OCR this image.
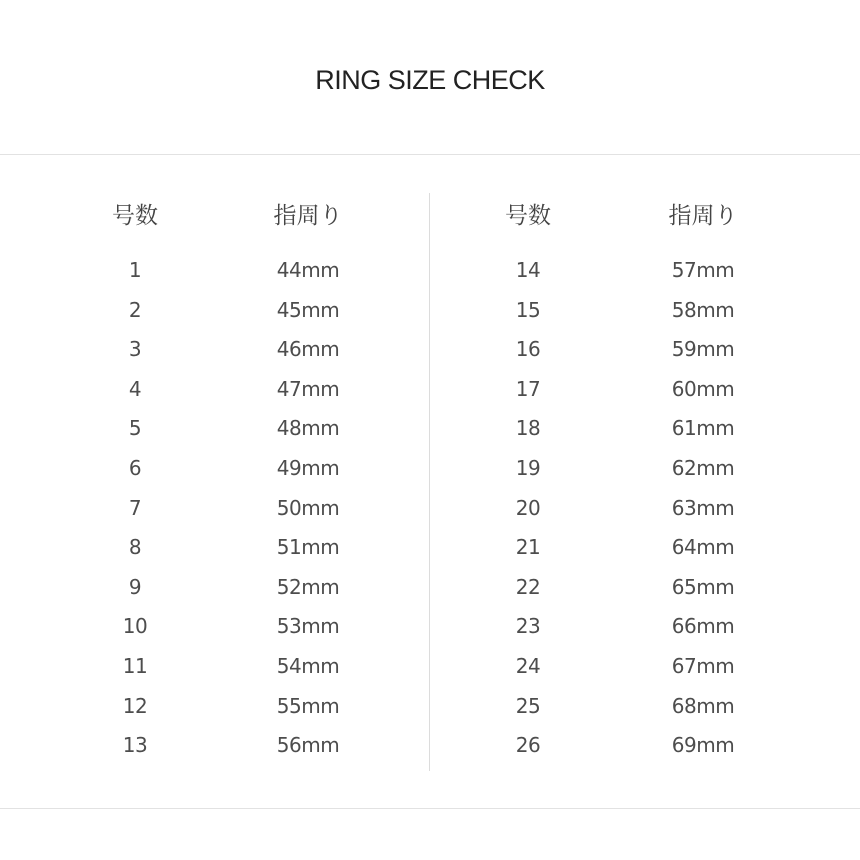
RING SIZE CHECK
号数	指周り
1	44mm
2	45mm
3	46mm
4	47mm
5	48mm
6	49mm
7	50mm
8	51mm
9	52mm
10	53mm
11	54mm
12	55mm
13	56mm
号数	指周り
14	57mm
15	58mm
16	59mm
17	60mm
18	61mm
19	62mm
20	63mm
21	64mm
22	65mm
23	66mm
24	67mm
25	68mm
26	69mm
